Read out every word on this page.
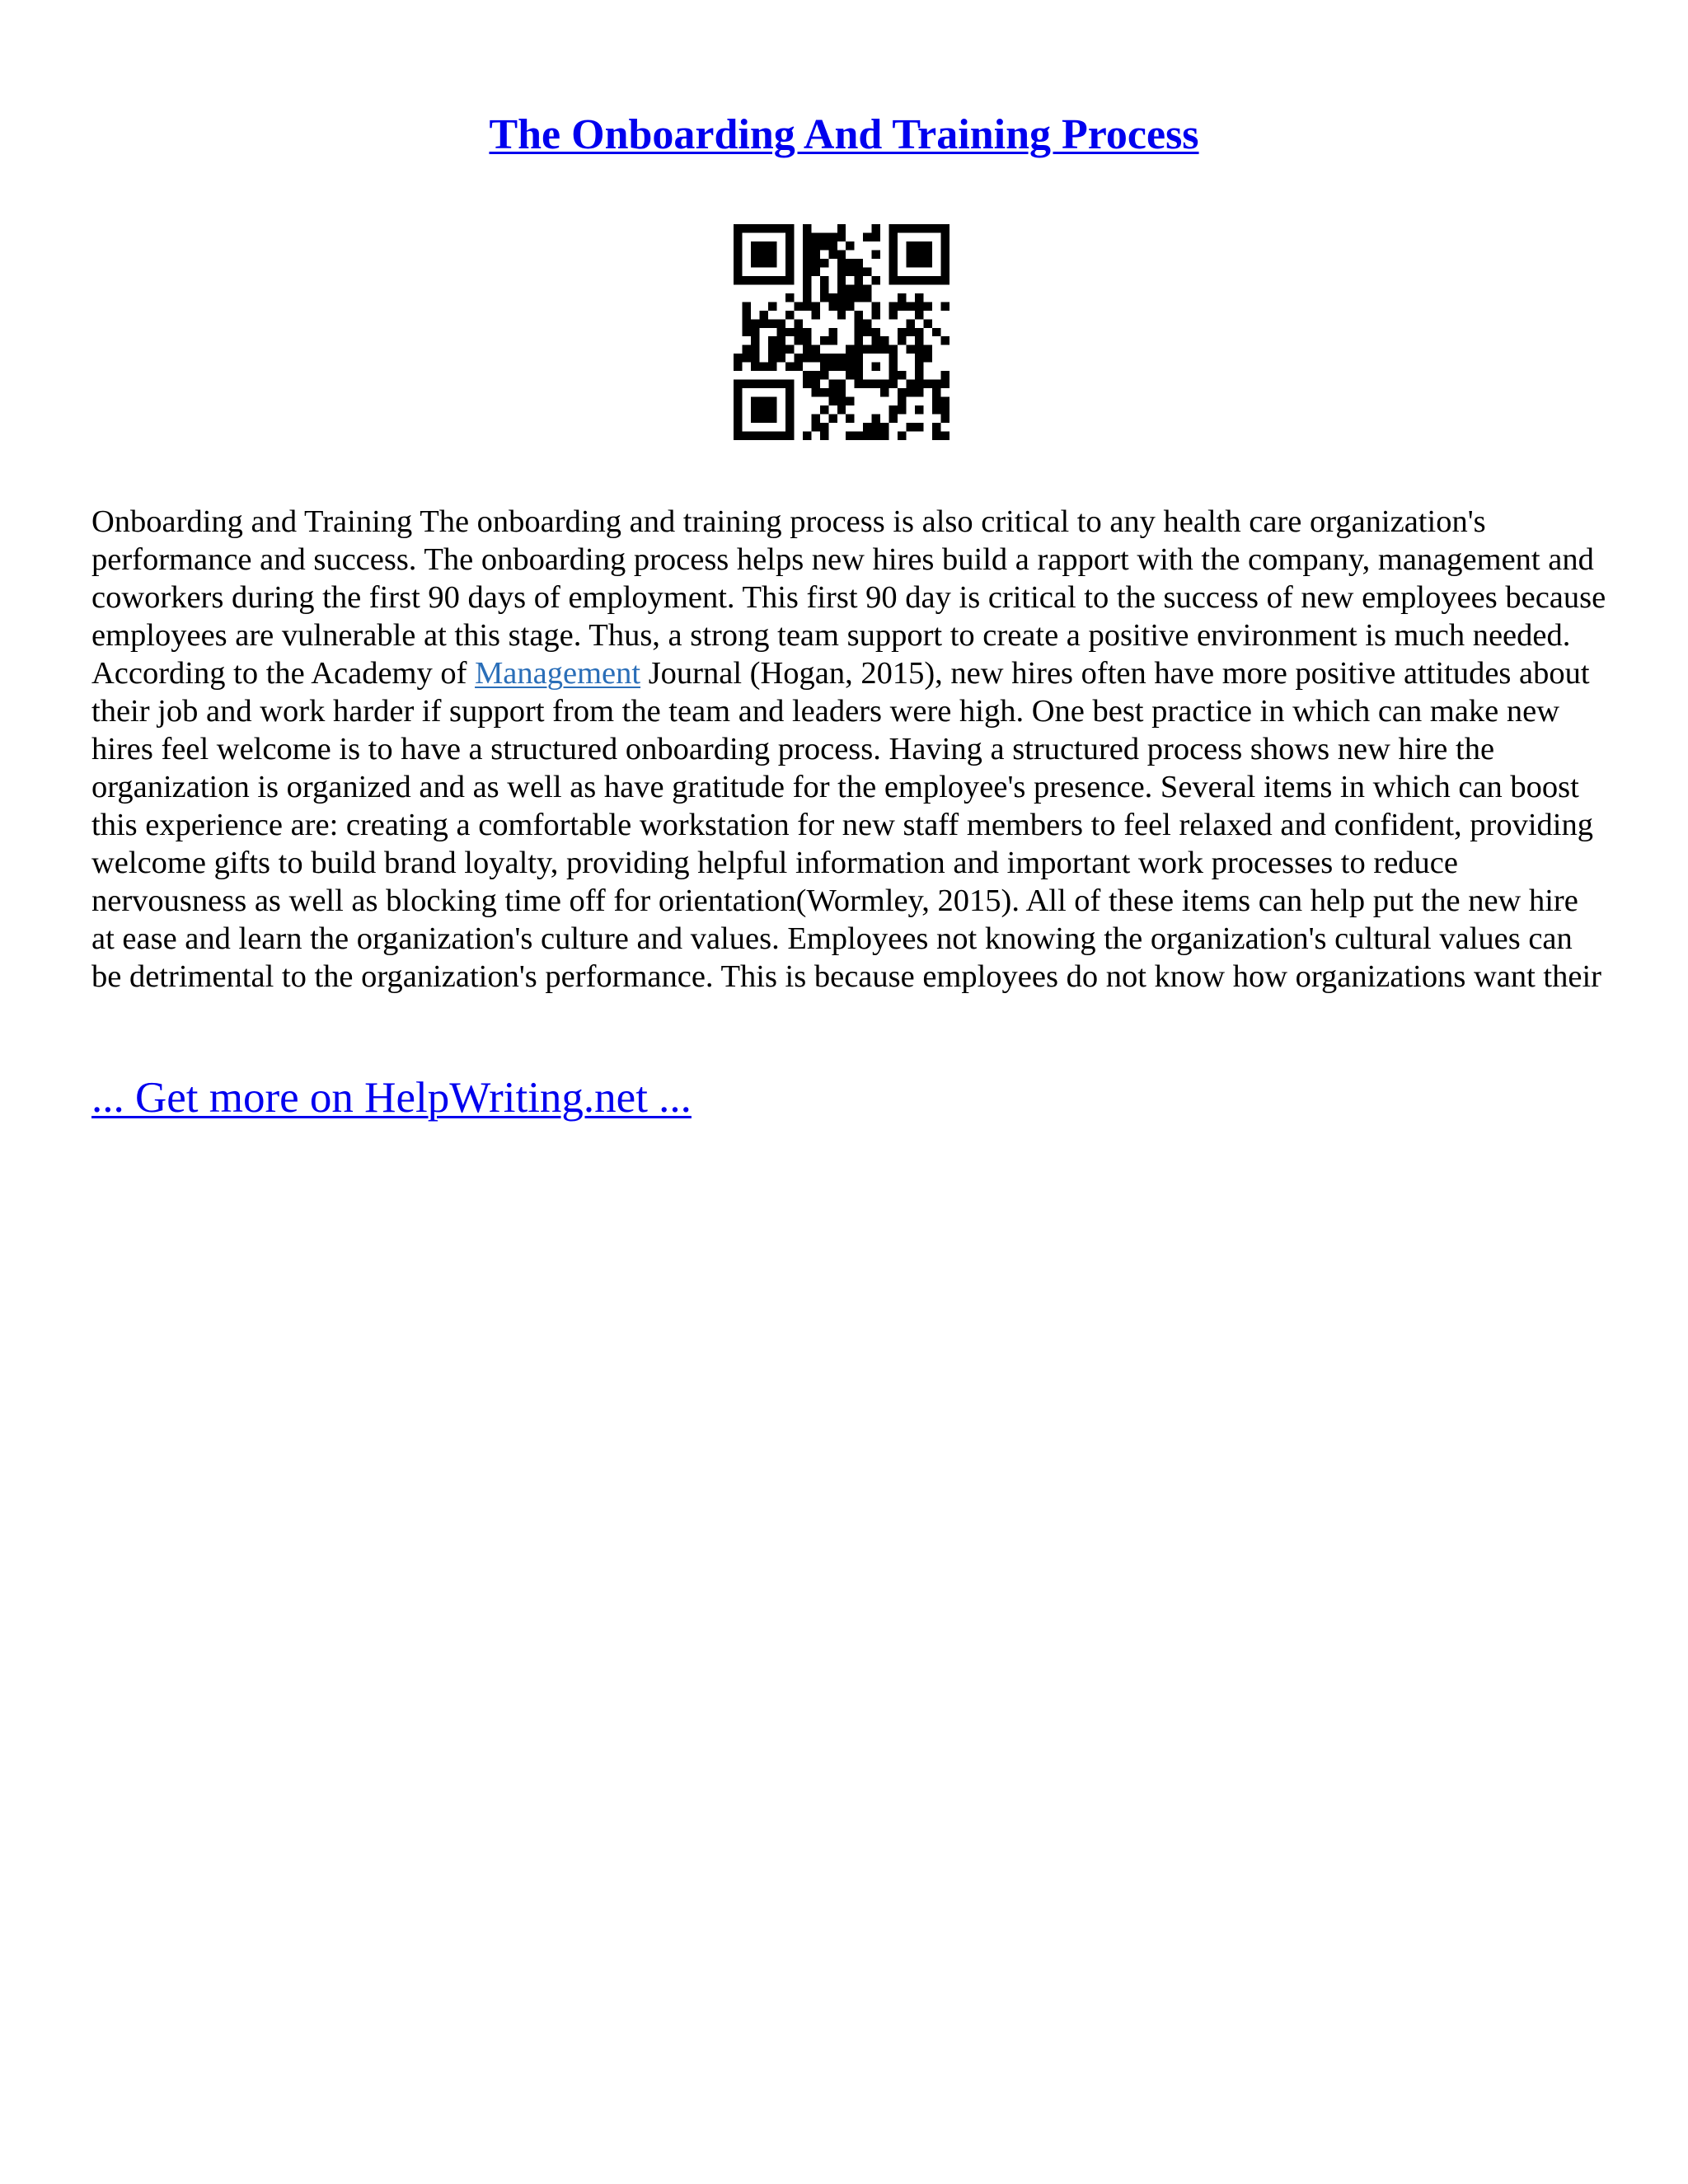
The Onboarding And Training Process

Onboarding and Training The onboarding and training process is also critical to any health care organization's performance and success. The onboarding process helps new hires build a rapport with the company, management and coworkers during the first 90 days of employment. This first 90 day is critical to the success of new employees because employees are vulnerable at this stage. Thus, a strong team support to create a positive environment is much needed. According to the Academy of Management Journal (Hogan, 2015), new hires often have more positive attitudes about their job and work harder if support from the team and leaders were high. One best practice in which can make new hires feel welcome is to have a structured onboarding process. Having a structured process shows new hire the organization is organized and as well as have gratitude for the employee's presence. Several items in which can boost this experience are: creating a comfortable workstation for new staff members to feel relaxed and confident, providing welcome gifts to build brand loyalty, providing helpful information and important work processes to reduce nervousness as well as blocking time off for orientation(Wormley, 2015). All of these items can help put the new hire at ease and learn the organization's culture and values. Employees not knowing the organization's cultural values can be detrimental to the organization's performance. This is because employees do not know how organizations want their

... Get more on HelpWriting.net ...
